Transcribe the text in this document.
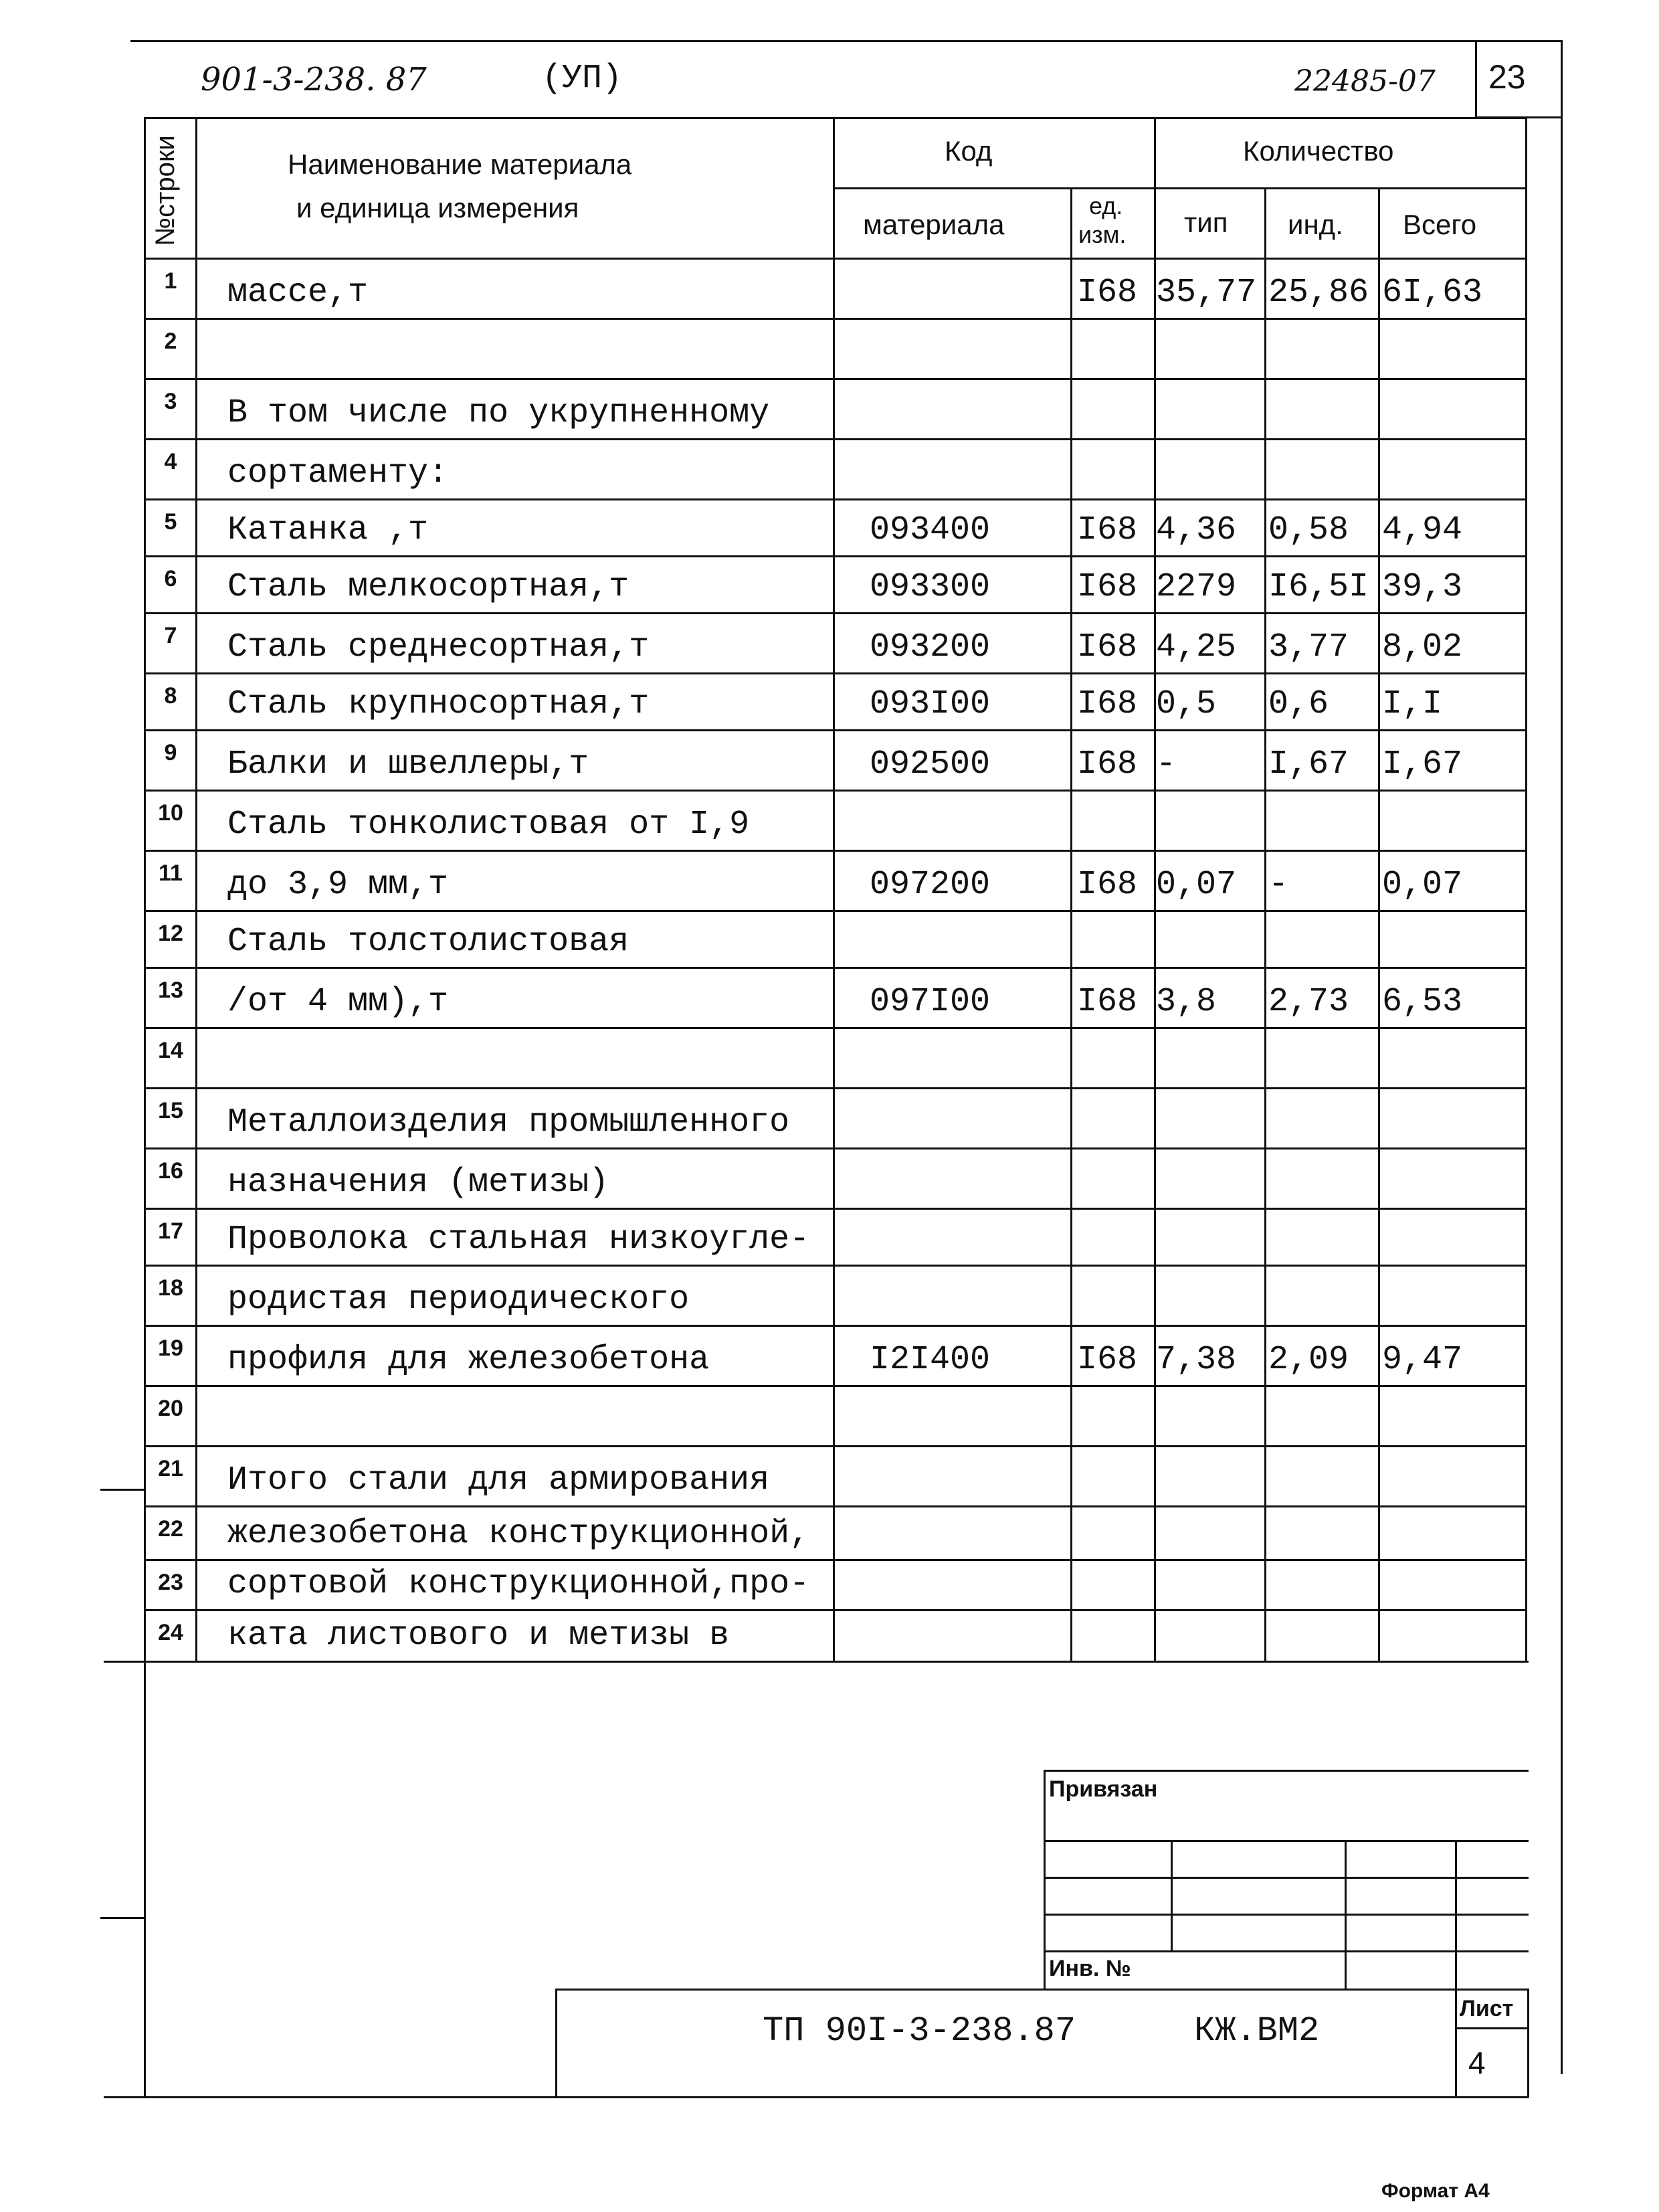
901-3-238. 87	(УП)	22485-07 23
№строки	Наименование материала
и единица измерения
Код
материала
ед.
изм.
Количество
тип инд. Всего
1	массе,т	I68 35,77 25,86 6I,63
2
3	В том числе по укрупненному
4	сортаменту:
5	Катанка ,т	093400	I68 4,36 0,58 4,94
6	Сталь мелкосортная,т	093300	I68 2279 I6,5I 39,3
7	Сталь среднесортная,т	093200	I68 4,25 3,77 8,02
8	Сталь крупносортная,т	093I00	I68 0,5 0,6 I,I
9	Балки и швеллеры,т	092500	I68 -	I,67 I,67
10	Сталь тонколистовая от I,9
11	до 3,9 мм,т	097200	I68 0,07 -	0,07
12	Сталь толстолистовая
13	/от 4 мм),т	097I00	I68 3,8 2,73 6,53
14
15	Металлоизделия промышленного
16	назначения (метизы)
17	Проволока стальная низкоугле-
18	родистая периодического
19	профиля для железобетона	I2I400	I68 7,38 2,09 9,47
20
21	Итого стали для армирования
22	железобетона конструкционной,
23	сортовой конструкционной,про-
24	ката листового и метизы в
Привязан
Инв. №
ТП 90I-3-238.87	КЖ.ВМ2
Лист
4
Формат А4
